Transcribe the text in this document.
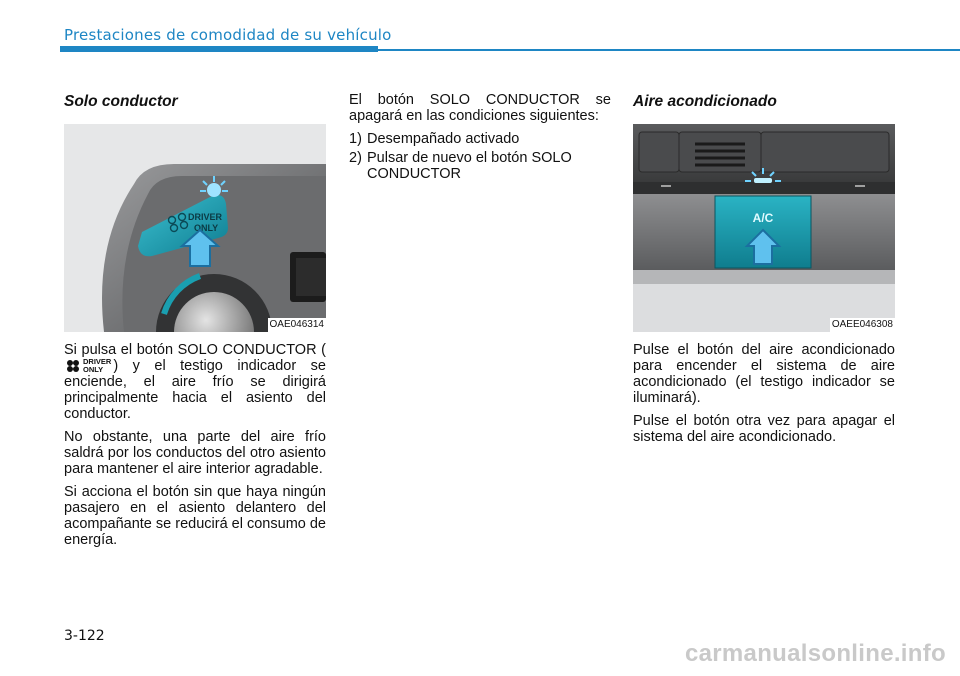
Prestaciones de comodidad de su vehículo
Solo conductor
DRIVER
ONLY
OAE046314

Si pulsa el botón SOLO CONDUCTOR (
DRIVER
ONLY ) y el testigo indicador se enciende, el aire frío se dirigirá principalmente hacia el asiento del conductor.

No obstante, una parte del aire frío saldrá por los conductos del otro asiento para mantener el aire interior agradable.

Si acciona el botón sin que haya ningún pasajero en el asiento delantero del acompañante se reducirá el consumo de energía.

El botón SOLO CONDUCTOR se apagará en las condiciones siguientes:

1) Desempañado activado
2) Pulsar de nuevo el botón SOLO CONDUCTOR
Aire acondicionado
A/C
OAEE046308

Pulse el botón del aire acondicionado para encender el sistema de aire acondicionado (el testigo indicador se iluminará).

Pulse el botón otra vez para apagar el sistema del aire acondicionado.

3-122
carmanualsonline.info
